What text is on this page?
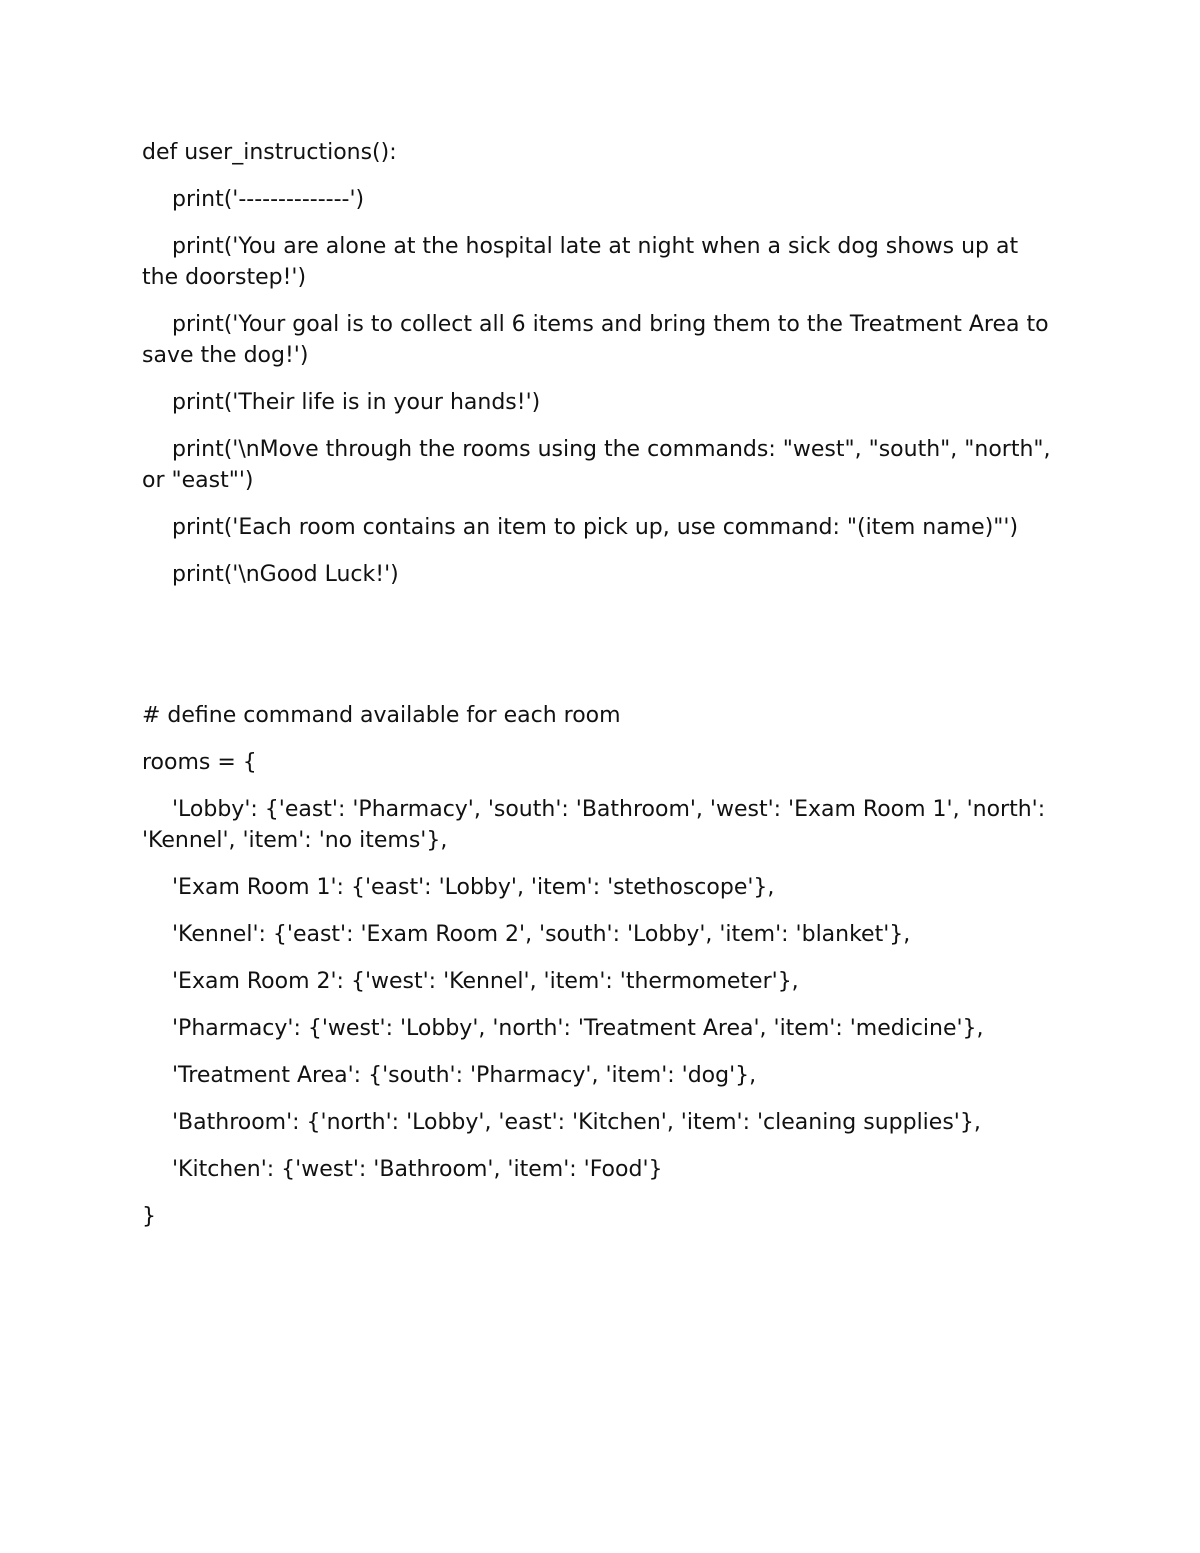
def user_instructions():

print('--------------')

print('You are alone at the hospital late at night when a sick dog shows up at the doorstep!')

print('Your goal is to collect all 6 items and bring them to the Treatment Area to save the dog!')

print('Their life is in your hands!')

print('\nMove through the rooms using the commands: "west", "south", "north", or "east"')

print('Each room contains an item to pick up, use command: "(item name)"')

print('\nGood Luck!')

# define command available for each room

rooms = {

'Lobby': {'east': 'Pharmacy', 'south': 'Bathroom', 'west': 'Exam Room 1', 'north': 'Kennel', 'item': 'no items'},

'Exam Room 1': {'east': 'Lobby', 'item': 'stethoscope'},

'Kennel': {'east': 'Exam Room 2', 'south': 'Lobby', 'item': 'blanket'},

'Exam Room 2': {'west': 'Kennel', 'item': 'thermometer'},

'Pharmacy': {'west': 'Lobby', 'north': 'Treatment Area', 'item': 'medicine'},

'Treatment Area': {'south': 'Pharmacy', 'item': 'dog'},

'Bathroom': {'north': 'Lobby', 'east': 'Kitchen', 'item': 'cleaning supplies'},

'Kitchen': {'west': 'Bathroom', 'item': 'Food'}

}
